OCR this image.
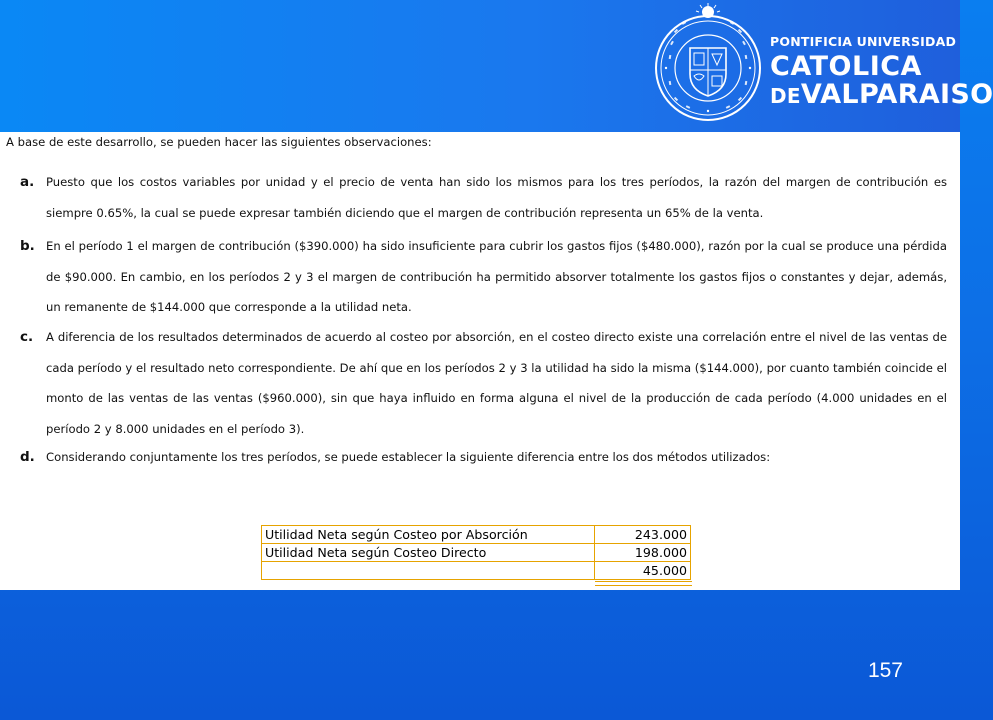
PONTIFICIA UNIVERSIDAD
CATOLICA
DEVALPARAISO
A base de este desarrollo, se pueden hacer las siguientes observaciones:
a. Puesto que los costos variables por unidad y el precio de venta han sido los mismos para los tres períodos, la razón del margen de contribución es siempre 0.65%, la cual se puede expresar también diciendo que el margen de contribución representa un 65% de la venta.
b. En el período 1 el margen de contribución ($390.000) ha sido insuficiente para cubrir los gastos fijos ($480.000), razón por la cual se produce una pérdida de $90.000. En cambio, en los períodos 2 y 3 el margen de contribución ha permitido absorver totalmente los gastos fijos o constantes y dejar, además, un remanente de $144.000 que corresponde a la utilidad neta.
c. A diferencia de los resultados determinados de acuerdo al costeo por absorción, en el costeo directo existe una correlación entre el nivel de las ventas de cada período y el resultado neto correspondiente. De ahí que en los períodos 2 y 3 la utilidad ha sido la misma ($144.000), por cuanto también coincide el monto de las ventas de las ventas ($960.000), sin que haya influido en forma alguna el nivel de la producción de cada período (4.000 unidades en el período 2 y 8.000 unidades en el período 3).
d. Considerando conjuntamente los tres períodos, se puede establecer la siguiente diferencia entre los dos métodos utilizados:
Utilidad Neta según Costeo por Absorción	243.000
Utilidad Neta según Costeo Directo	198.000
	45.000
157
